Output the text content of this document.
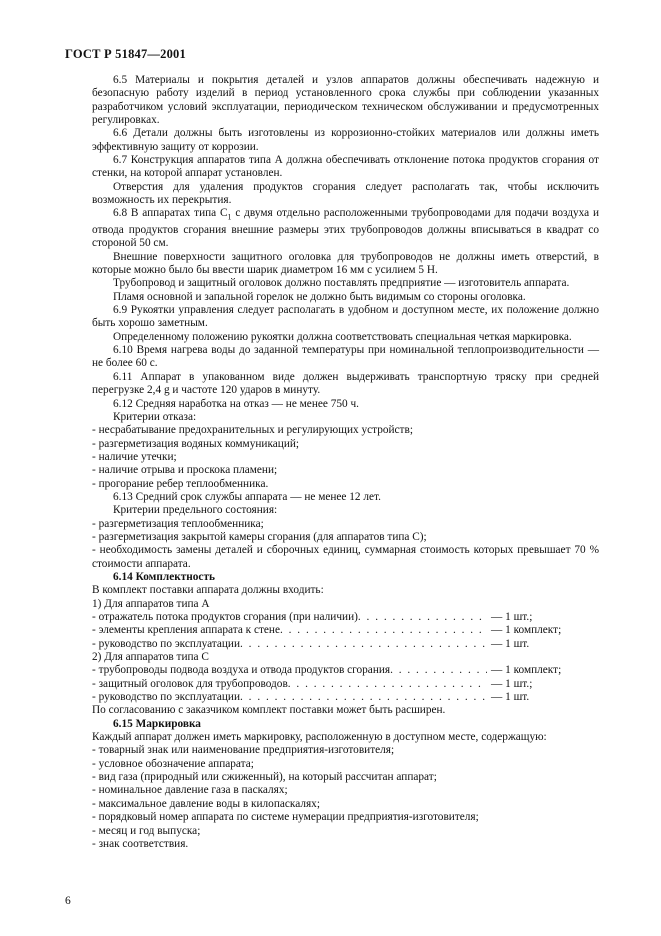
ГОСТ Р 51847—2001

6.5 Материалы и покрытия деталей и узлов аппаратов должны обеспечивать надежную и безопасную работу изделий в период установленного срока службы при соблюдении указанных разработчиком условий эксплуатации, периодическом техническом обслуживании и предусмотренных регулировках.

6.6 Детали должны быть изготовлены из коррозионно-стойких материалов или должны иметь эффективную защиту от коррозии.

6.7 Конструкция аппаратов типа А должна обеспечивать отклонение потока продуктов сгорания от стенки, на которой аппарат установлен.

Отверстия для удаления продуктов сгорания следует располагать так, чтобы исключить возможность их перекрытия.

6.8 В аппаратах типа $С_1$ с двумя отдельно расположенными трубопроводами для подачи воздуха и отвода продуктов сгорания внешние размеры этих трубопроводов должны вписываться в квадрат со стороной 50 см.

Внешние поверхности защитного оголовка для трубопроводов не должны иметь отверстий, в которые можно было бы ввести шарик диаметром 16 мм с усилием 5 Н.

Трубопровод и защитный оголовок должно поставлять предприятие — изготовитель аппарата.

Пламя основной и запальной горелок не должно быть видимым со стороны оголовка.

6.9 Рукоятки управления следует располагать в удобном и доступном месте, их положение должно быть хорошо заметным.

Определенному положению рукоятки должна соответствовать специальная четкая маркировка.

6.10 Время нагрева воды до заданной температуры при номинальной теплопроизводительности — не более 60 с.

6.11 Аппарат в упакованном виде должен выдерживать транспортную тряску при средней перегрузке 2,4 g и частоте 120 ударов в минуту.

6.12 Средняя наработка на отказ — не менее 750 ч.

Критерии отказа:

- несрабатывание предохранительных и регулирующих устройств;

- разгерметизация водяных коммуникаций;

- наличие утечки;

- наличие отрыва и проскока пламени;

- прогорание ребер теплообменника.

6.13 Средний срок службы аппарата — не менее 12 лет.

Критерии предельного состояния:

- разгерметизация теплообменника;

- разгерметизация закрытой камеры сгорания (для аппаратов типа С);

- необходимость замены деталей и сборочных единиц, суммарная стоимость которых превышает 70 % стоимости аппарата.

6.14 Комплектность

В комплект поставки аппарата должны входить:

1) Для аппаратов типа А

- отражатель потока продуктов сгорания (при наличии) . . .	— 1 шт.;
- элементы крепления аппарата к стене . . .	— 1 комплект;
- руководство по эксплуатации . . .	— 1 шт.

2) Для аппаратов типа С

- трубопроводы подвода воздуха и отвода продуктов сгорания . . .	— 1 комплект;
- защитный оголовок для трубопроводов . . .	— 1 шт.;
- руководство по эксплуатации . . .	— 1 шт.

По согласованию с заказчиком комплект поставки может быть расширен.

6.15 Маркировка

Каждый аппарат должен иметь маркировку, расположенную в доступном месте, содержащую:

- товарный знак или наименование предприятия-изготовителя;

- условное обозначение аппарата;

- вид газа (природный или сжиженный), на который рассчитан аппарат;

- номинальное давление газа в паскалях;

- максимальное давление воды в килопаскалях;

- порядковый номер аппарата по системе нумерации предприятия-изготовителя;

- месяц и год выпуска;

- знак соответствия.

6
